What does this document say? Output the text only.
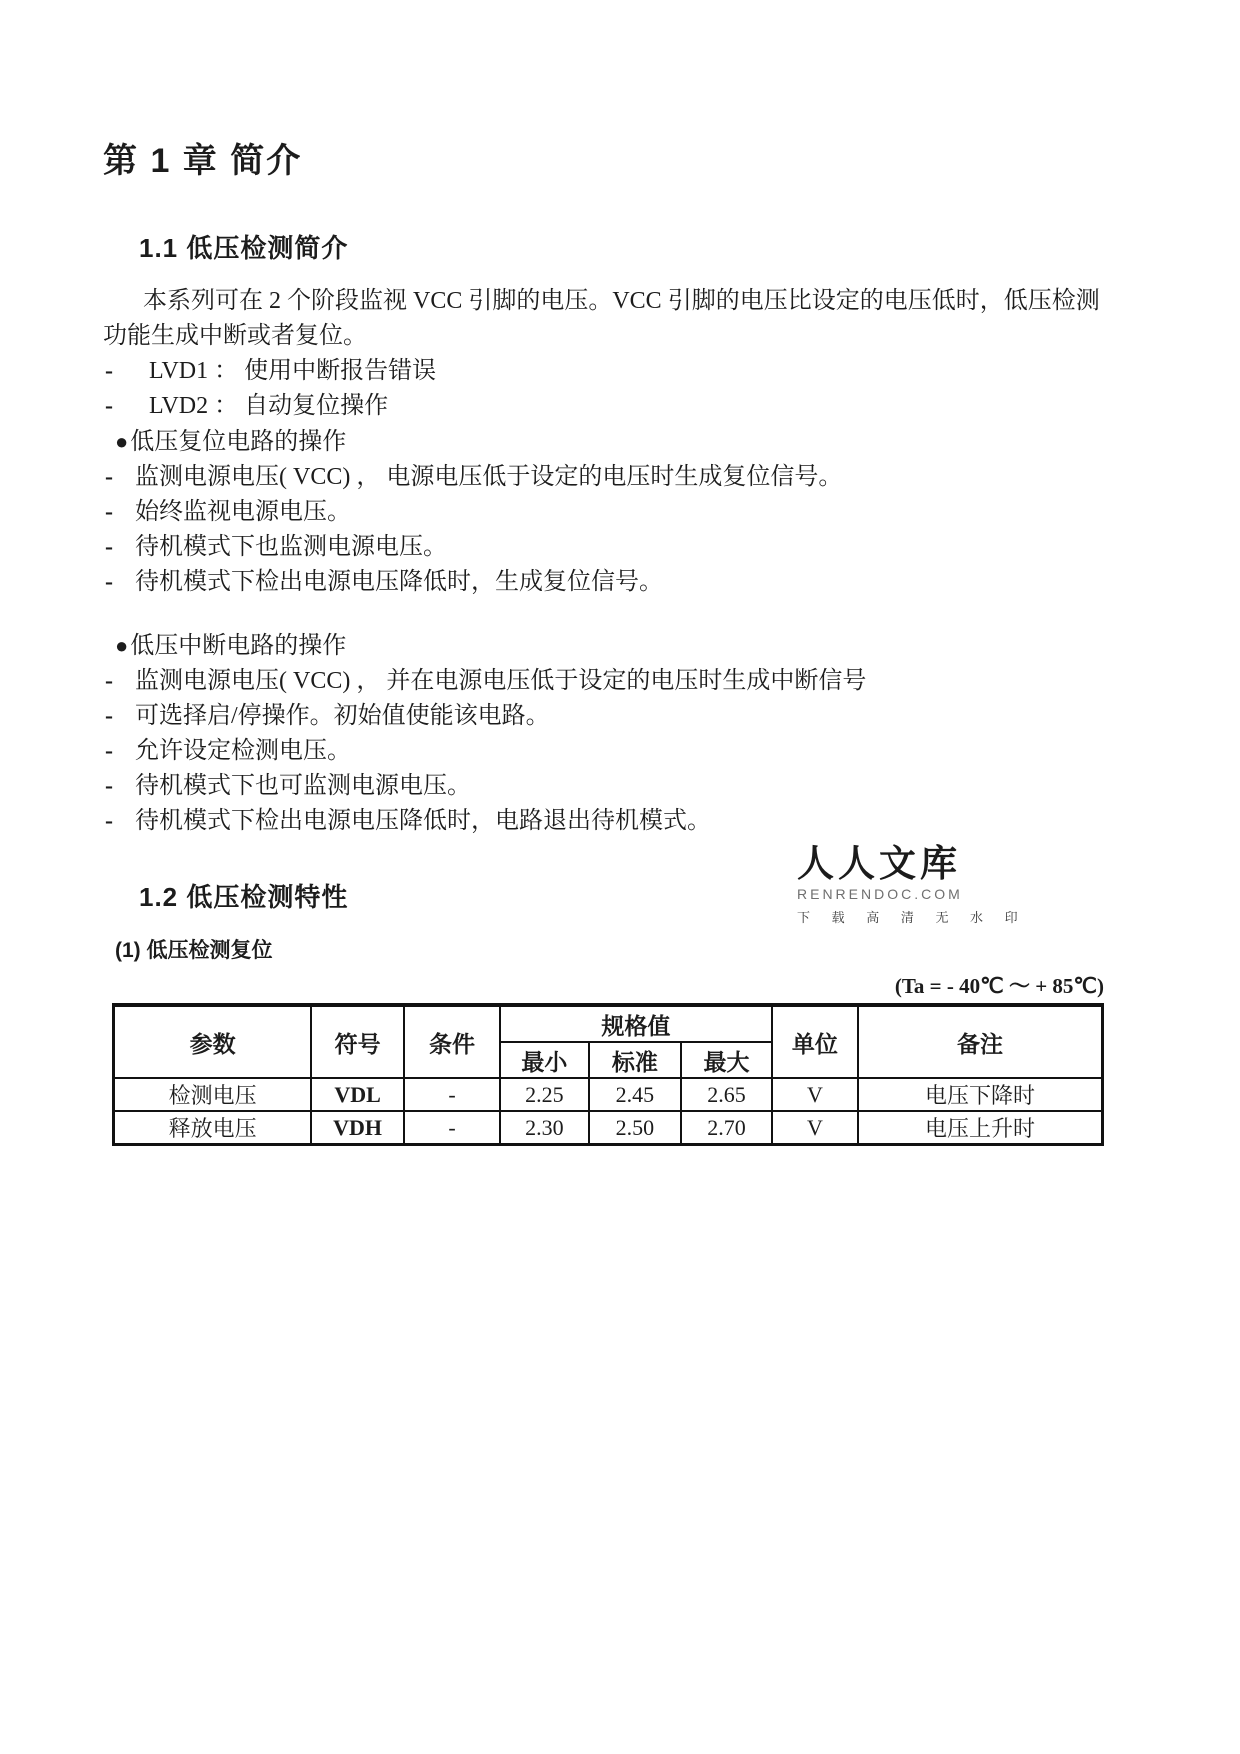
第 1 章 简介
1.1 低压检测简介
本系列可在 2 个阶段监视 VCC 引脚的电压。VCC 引脚的电压比设定的电压低时，低压检测
功能生成中断或者复位。
-	LVD1 ： 使用中断报告错误
-	LVD2 ： 自动复位操作
●低压复位电路的操作
- 监测电源电压( VCC) ， 电源电压低于设定的电压时生成复位信号。
- 始终监视电源电压。
- 待机模式下也监测电源电压。
- 待机模式下检出电源电压降低时，生成复位信号。
●低压中断电路的操作
- 监测电源电压( VCC) ， 并在电源电压低于设定的电压时生成中断信号
- 可选择启/停操作。初始值使能该电路。
- 允许设定检测电压。
- 待机模式下也可监测电源电压。
- 待机模式下检出电源电压降低时，电路退出待机模式。
1.2 低压检测特性
(1) 低压检测复位
(Ta = - 40℃ ～ + 85℃)
参数	符号	条件	规格值			单位	备注
			最小	标准	最大		
检测电压	VDL	-	2.25	2.45	2.65	V	电压下降时
释放电压	VDH	-	2.30	2.50	2.70	V	电压上升时
人人文库
RENRENDOC.COM
下 载 高 清 无 水 印
